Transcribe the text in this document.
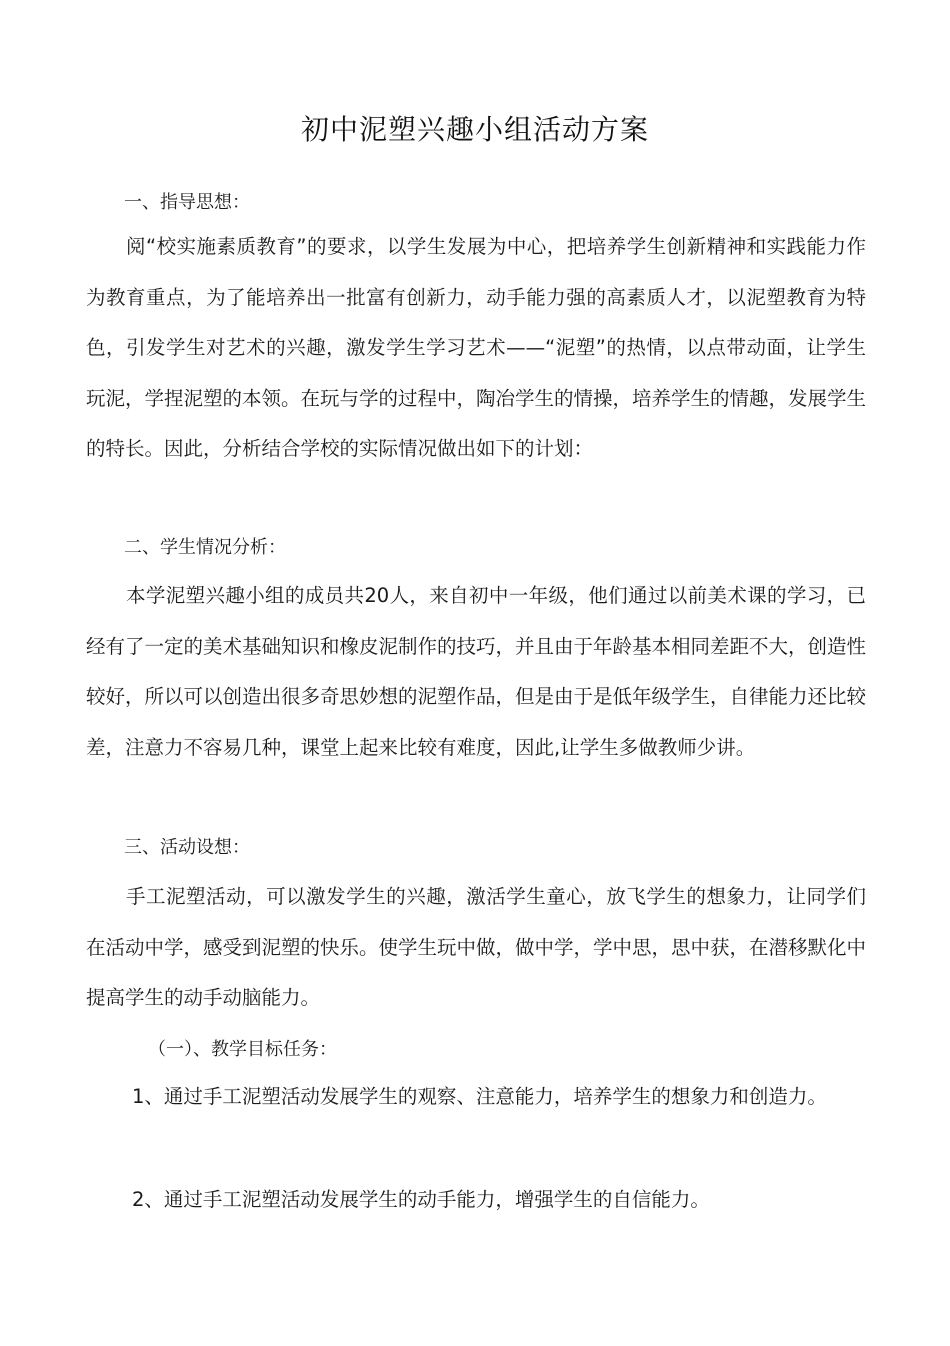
初中泥塑兴趣小组活动方案
一、指导思想：
阅“校实施素质教育”的要求，以学生发展为中心，把培养学生创新精神和实践能力作为教育重点，为了能培养出一批富有创新力，动手能力强的高素质人才，以泥塑教育为特色，引发学生对艺术的兴趣，激发学生学习艺术——“泥塑”的热情，以点带动面，让学生玩泥，学捏泥塑的本领。在玩与学的过程中，陶冶学生的情操，培养学生的情趣，发展学生的特长。因此，分析结合学校的实际情况做出如下的计划：
二、学生情况分析：
本学泥塑兴趣小组的成员共20人，来自初中一年级，他们通过以前美术课的学习，已经有了一定的美术基础知识和橡皮泥制作的技巧，并且由于年龄基本相同差距不大，创造性较好，所以可以创造出很多奇思妙想的泥塑作品，但是由于是低年级学生，自律能力还比较差，注意力不容易几种，课堂上起来比较有难度，因此,让学生多做教师少讲。
三、活动设想：
手工泥塑活动，可以激发学生的兴趣，激活学生童心，放飞学生的想象力，让同学们在活动中学，感受到泥塑的快乐。使学生玩中做，做中学，学中思，思中获，在潜移默化中提高学生的动手动脑能力。
（一）、教学目标任务：
1、通过手工泥塑活动发展学生的观察、注意能力，培养学生的想象力和创造力。
2、通过手工泥塑活动发展学生的动手能力，增强学生的自信能力。
